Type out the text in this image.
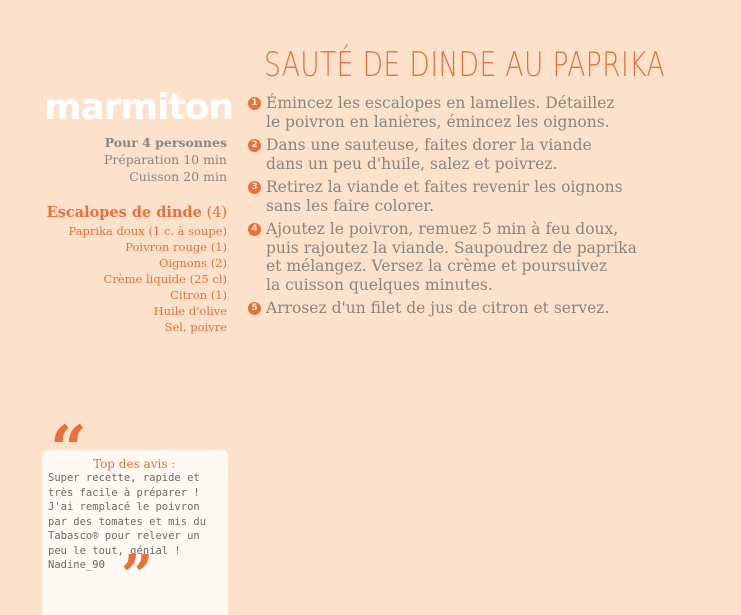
marmiton
Pour 4 personnes
Préparation 10 min
Cuisson 20 min
Escalopes de dinde (4)
Paprika doux (1 c. à soupe)
Poivron rouge (1)
Oignons (2)
Crème liquide (25 cl)
Citron (1)
Huile d'olive
Sel, poivre
SAUTÉ DE DINDE AU PAPRIKA
1 Émincez les escalopes en lamelles. Détaillez
le poivron en lanières, émincez les oignons.
2 Dans une sauteuse, faites dorer la viande
dans un peu d'huile, salez et poivrez.
3 Retirez la viande et faites revenir les oignons
sans les faire colorer.
4 Ajoutez le poivron, remuez 5 min à feu doux,
puis rajoutez la viande. Saupoudrez de paprika
et mélangez. Versez la crème et poursuivez
la cuisson quelques minutes.
5 Arrosez d'un filet de jus de citron et servez.
“ Top des avis :
Super recette, rapide et
très facile à préparer !
J'ai remplacé le poivron
par des tomates et mis du
Tabasco® pour relever un
peu le tout, génial !
Nadine_90 ”
